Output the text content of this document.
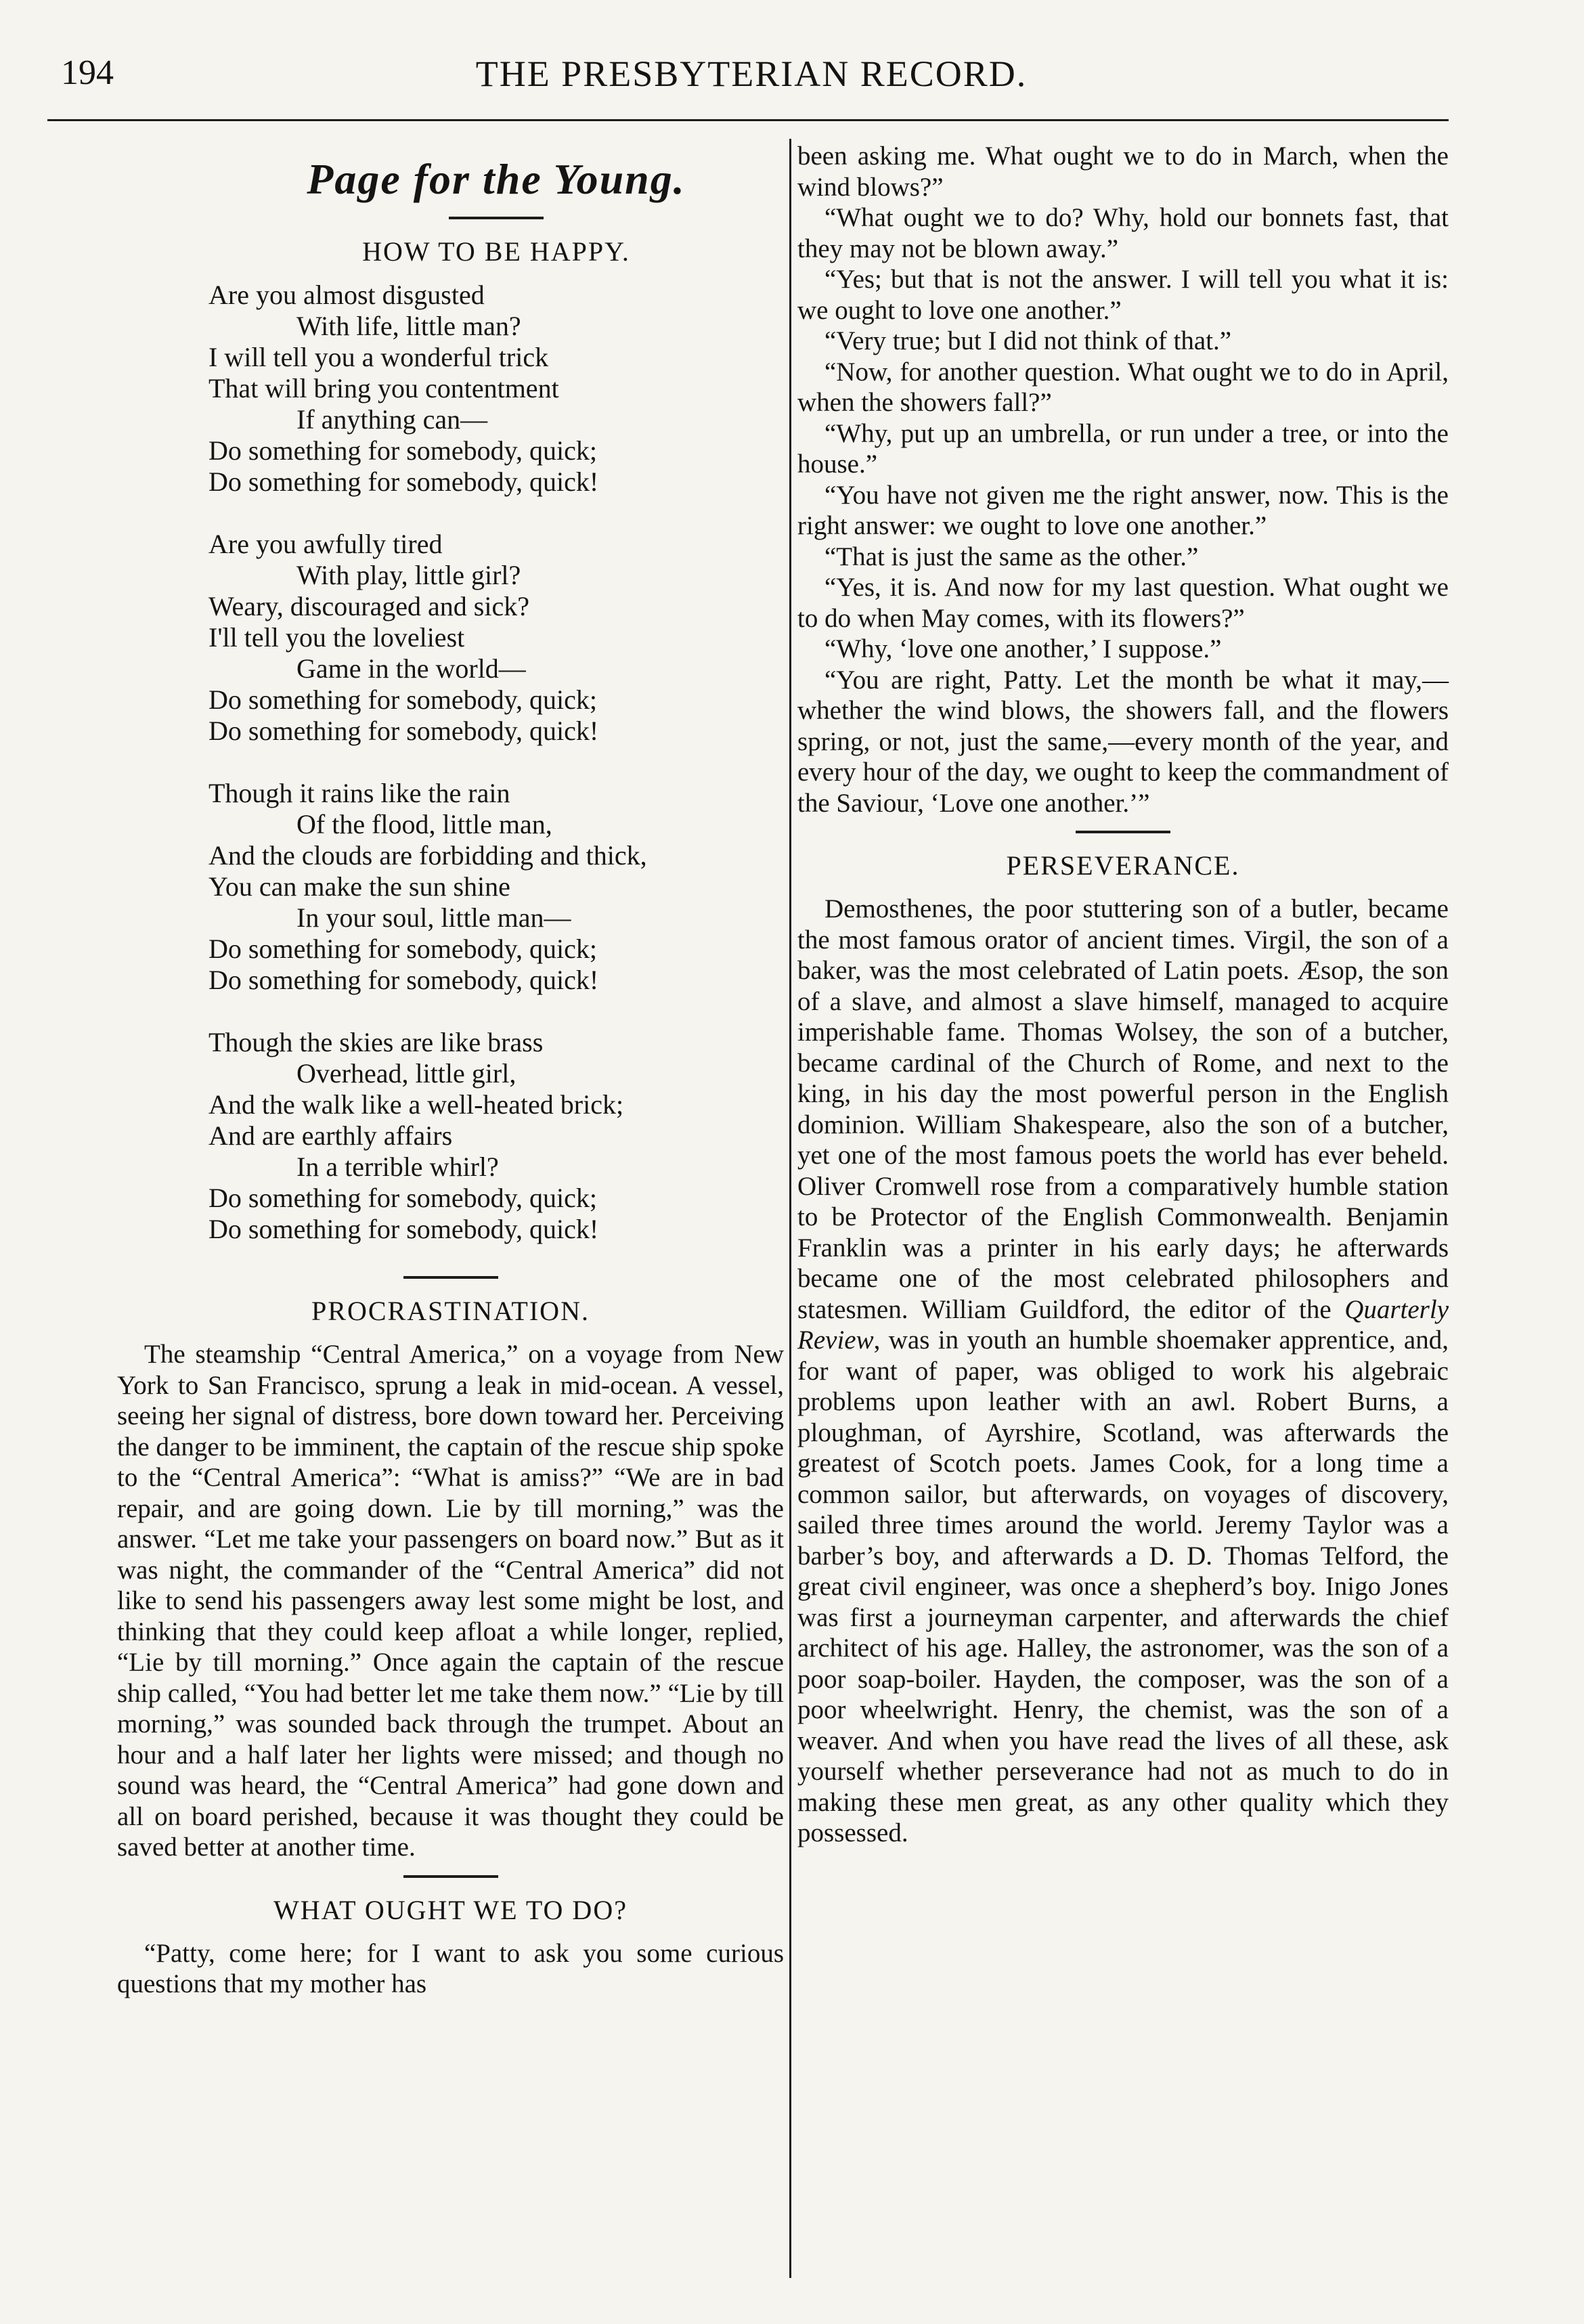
194	THE PRESBYTERIAN RECORD.
Page for the Young.
HOW TO BE HAPPY.
Are you almost disgusted
With life, little man?
I will tell you a wonderful trick
That will bring you contentment
If anything can—
Do something for somebody, quick;
Do something for somebody, quick!
Are you awfully tired
With play, little girl?
Weary, discouraged and sick?
I'll tell you the loveliest
Game in the world—
Do something for somebody, quick;
Do something for somebody, quick!
Though it rains like the rain
Of the flood, little man,
And the clouds are forbidding and thick,
You can make the sun shine
In your soul, little man—
Do something for somebody, quick;
Do something for somebody, quick!
Though the skies are like brass
Overhead, little girl,
And the walk like a well-heated brick;
And are earthly affairs
In a terrible whirl?
Do something for somebody, quick;
Do something for somebody, quick!
PROCRASTINATION.

The steamship “Central America,” on a voyage from New York to San Francisco, sprung a leak in mid-ocean. A vessel, seeing her signal of distress, bore down toward her. Perceiving the danger to be imminent, the captain of the rescue ship spoke to the “Central America”: “What is amiss?” “We are in bad repair, and are going down. Lie by till morning,” was the answer. “Let me take your passengers on board now.” But as it was night, the commander of the “Central America” did not like to send his passengers away lest some might be lost, and thinking that they could keep afloat a while longer, replied, “Lie by till morning.” Once again the captain of the rescue ship called, “You had better let me take them now.” “Lie by till morning,” was sounded back through the trumpet. About an hour and a half later her lights were missed; and though no sound was heard, the “Central America” had gone down and all on board perished, because it was thought they could be saved better at another time.

WHAT OUGHT WE TO DO?

“Patty, come here; for I want to ask you some curious questions that my mother has

been asking me. What ought we to do in March, when the wind blows?”

“What ought we to do? Why, hold our bonnets fast, that they may not be blown away.”

“Yes; but that is not the answer. I will tell you what it is: we ought to love one another.”

“Very true; but I did not think of that.”

“Now, for another question. What ought we to do in April, when the showers fall?”

“Why, put up an umbrella, or run under a tree, or into the house.”

“You have not given me the right answer, now. This is the right answer: we ought to love one another.”

“That is just the same as the other.”

“Yes, it is. And now for my last question. What ought we to do when May comes, with its flowers?”

“Why, ‘love one another,’ I suppose.”

“You are right, Patty. Let the month be what it may,—whether the wind blows, the showers fall, and the flowers spring, or not, just the same,—every month of the year, and every hour of the day, we ought to keep the commandment of the Saviour, ‘Love one another.’”

PERSEVERANCE.

Demosthenes, the poor stuttering son of a butler, became the most famous orator of ancient times. Virgil, the son of a baker, was the most celebrated of Latin poets. Æsop, the son of a slave, and almost a slave himself, managed to acquire imperishable fame. Thomas Wolsey, the son of a butcher, became cardinal of the Church of Rome, and next to the king, in his day the most powerful person in the English dominion. William Shakespeare, also the son of a butcher, yet one of the most famous poets the world has ever beheld. Oliver Cromwell rose from a comparatively humble station to be Protector of the English Commonwealth. Benjamin Franklin was a printer in his early days; he afterwards became one of the most celebrated philosophers and statesmen. William Guildford, the editor of the Quarterly Review, was in youth an humble shoemaker apprentice, and, for want of paper, was obliged to work his algebraic problems upon leather with an awl. Robert Burns, a ploughman, of Ayrshire, Scotland, was afterwards the greatest of Scotch poets. James Cook, for a long time a common sailor, but afterwards, on voyages of discovery, sailed three times around the world. Jeremy Taylor was a barber’s boy, and afterwards a D. D. Thomas Telford, the great civil engineer, was once a shepherd’s boy. Inigo Jones was first a journeyman carpenter, and afterwards the chief architect of his age. Halley, the astronomer, was the son of a poor soap-boiler. Hayden, the composer, was the son of a poor wheelwright. Henry, the chemist, was the son of a weaver. And when you have read the lives of all these, ask yourself whether perseverance had not as much to do in making these men great, as any other quality which they possessed.
